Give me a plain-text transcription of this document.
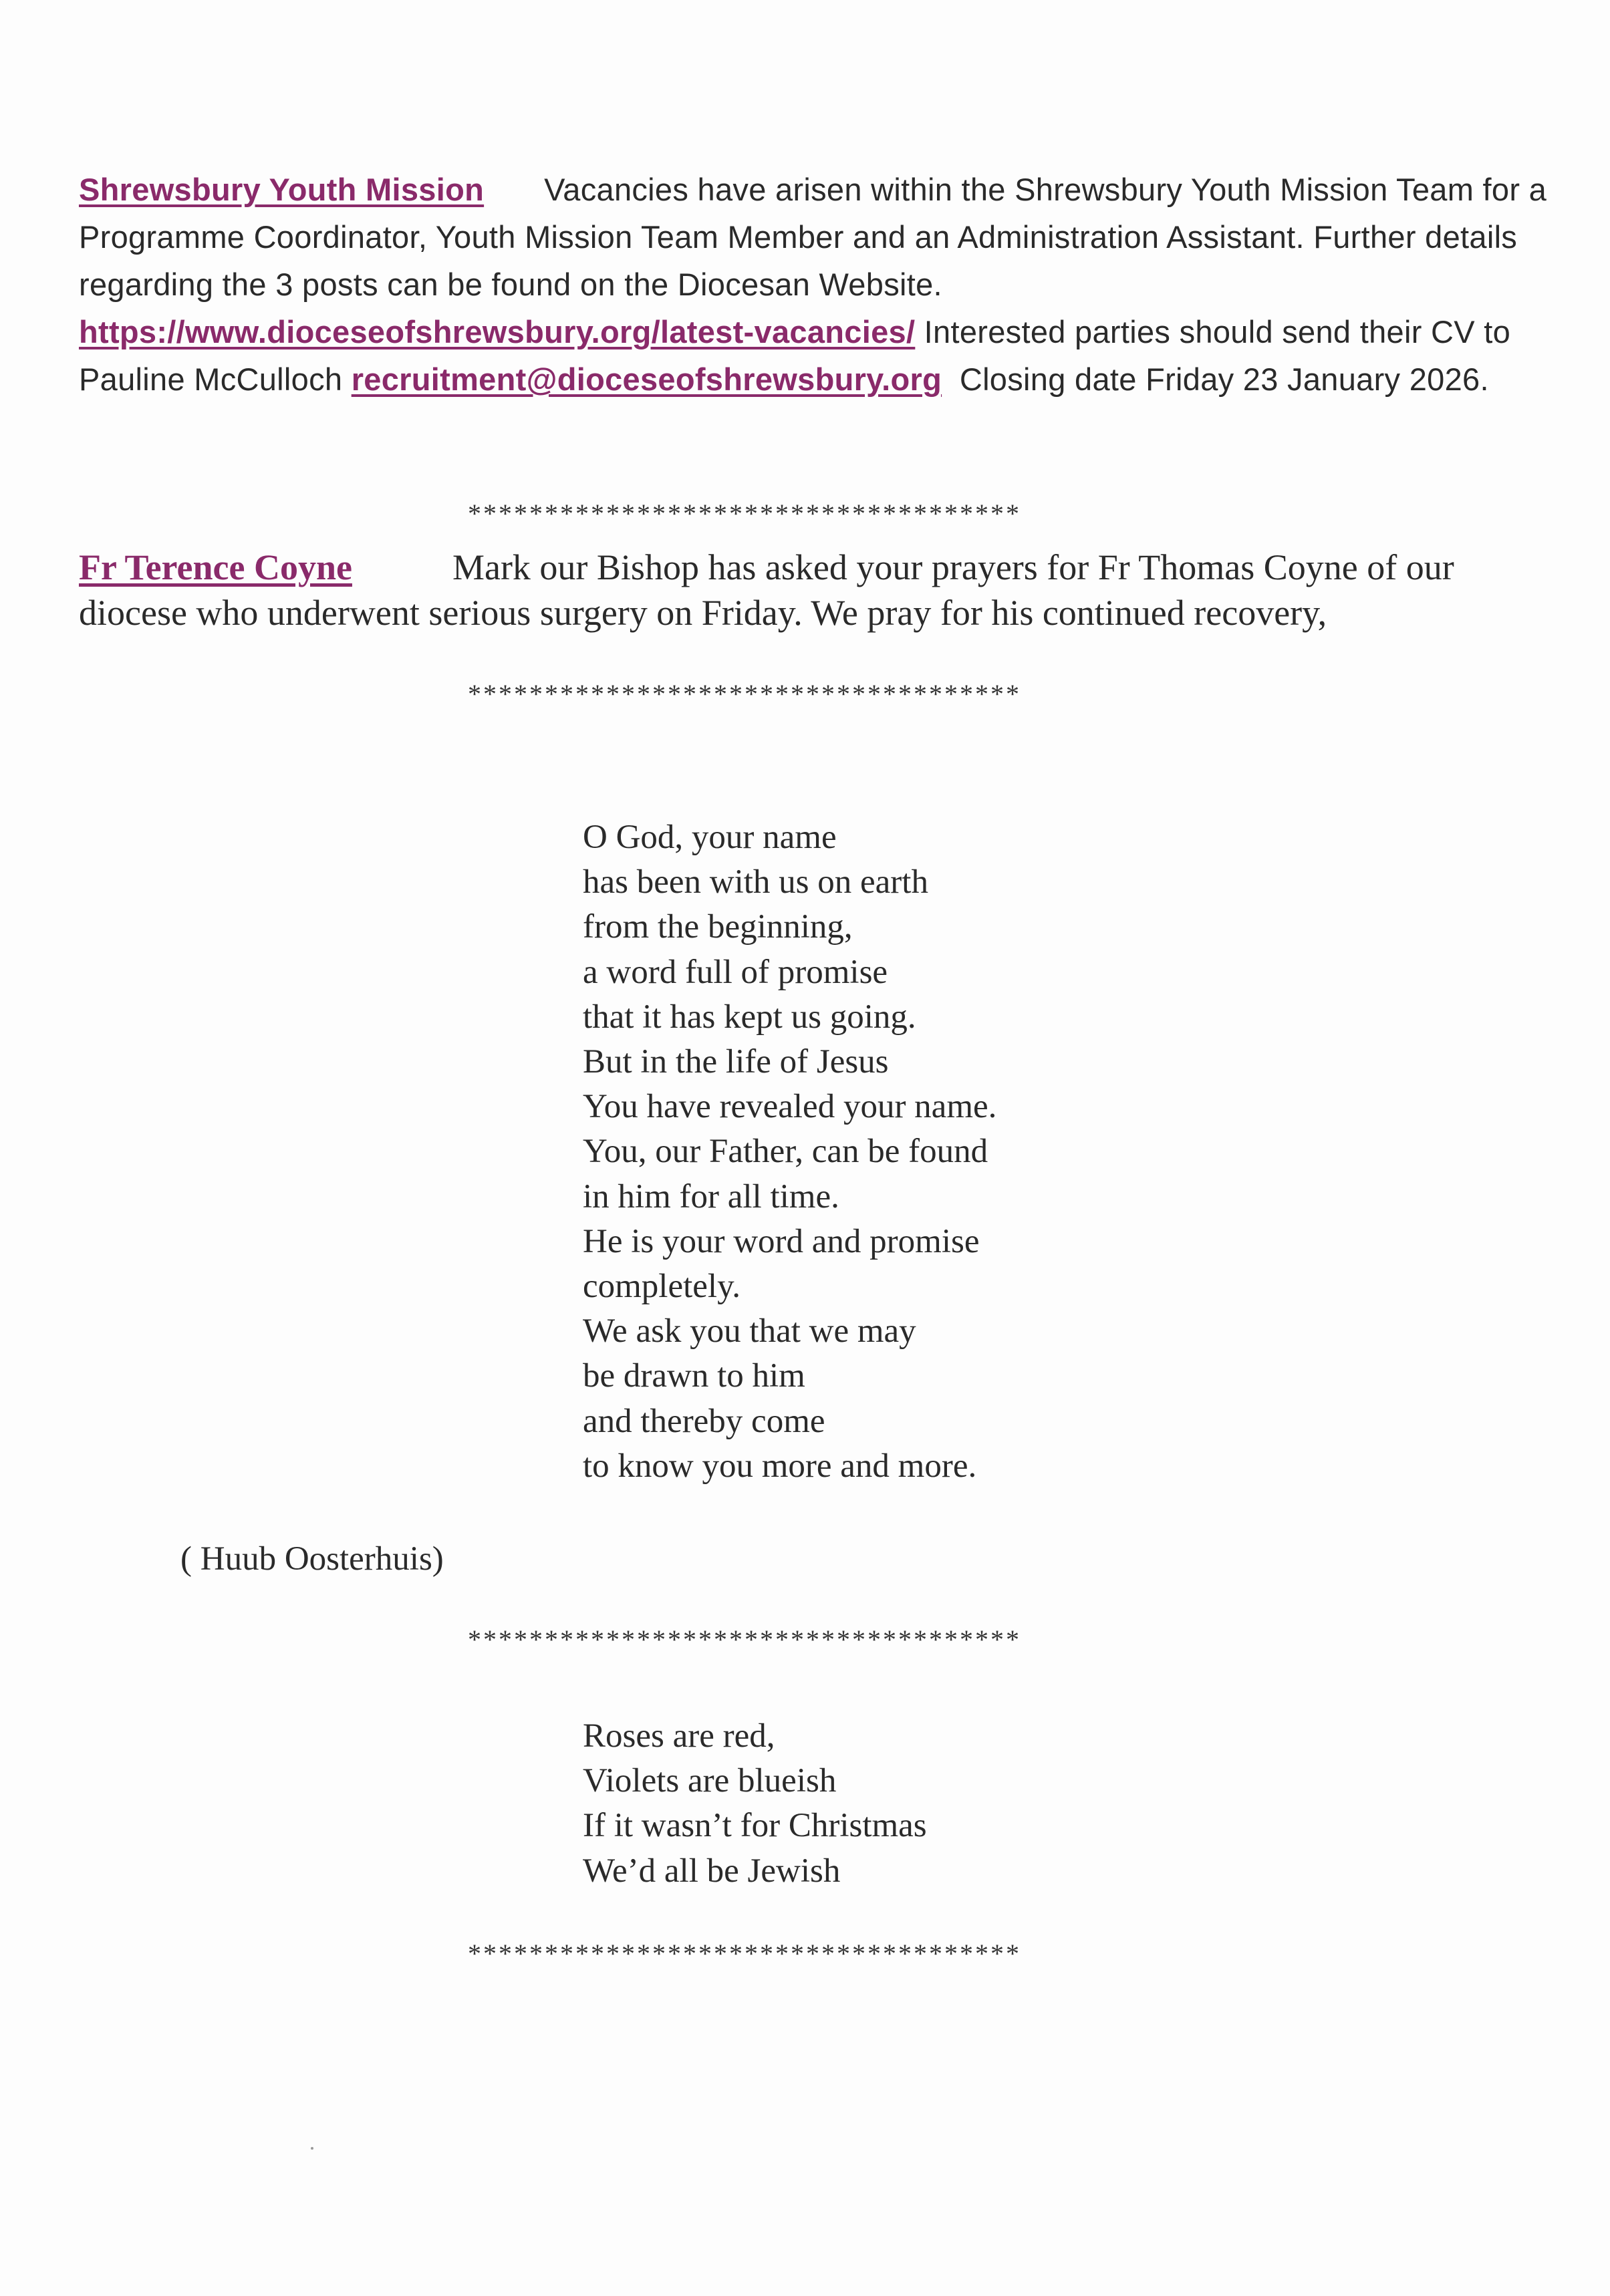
Shrewsbury Youth Mission Vacancies have arisen within the Shrewsbury Youth Mission Team for a Programme Coordinator, Youth Mission Team Member and an Administration Assistant. Further details regarding the 3 posts can be found on the Diocesan Website. https://www.dioceseofshrewsbury.org/latest-vacancies/ Interested parties should send their CV to Pauline McCulloch recruitment@dioceseofshrewsbury.org Closing date Friday 23 January 2026.
************************************
Fr Terence Coyne	Mark our Bishop has asked your prayers for Fr Thomas Coyne of our diocese who underwent serious surgery on Friday. We pray for his continued recovery,
************************************
O God, your name
has been with us on earth
from the beginning,
a word full of promise
that it has kept us going.
But in the life of Jesus
You have revealed your name.
You, our Father, can be found
in him for all time.
He is your word and promise
completely.
We ask you that we may
be drawn to him
and thereby come
to know you more and more.
( Huub Oosterhuis)
************************************
Roses are red,
Violets are blueish
If it wasn’t for Christmas
We’d all be Jewish
************************************
